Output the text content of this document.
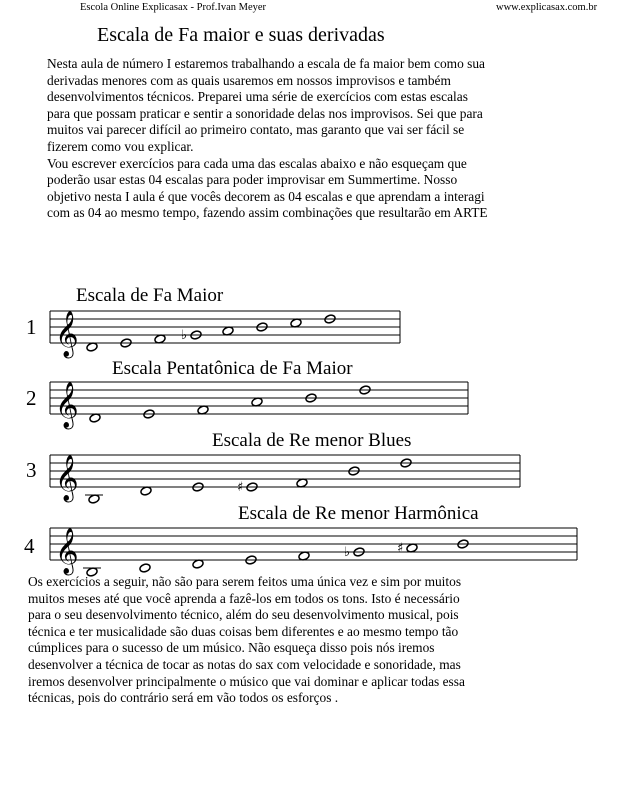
Escola Online Explicasax - Prof.Ivan Meyer	www.explicasax.com.br
Escala de Fa maior e suas derivadas
Nesta aula de número I estaremos trabalhando a escala de fa maior bem como sua
derivadas menores com as quais usaremos em nossos improvisos e também
desenvolvimentos técnicos. Preparei uma série de exercícios com estas escalas
para que possam praticar e sentir a sonoridade delas nos improvisos. Sei que para
muitos vai parecer difícil ao primeiro contato, mas garanto que vai ser fácil se
fizerem como vou explicar.
Vou escrever exercícios para cada uma das escalas abaixo e não esqueçam que
poderão usar estas 04 escalas para poder improvisar em Summertime. Nosso
objetivo nesta I aula é que vocês decorem as 04 escalas e que aprendam a interagi
com as 04 ao mesmo tempo, fazendo assim combinações que resultarão em ARTE
Escala de Fa Maior
1
Escala Pentatônica de Fa Maior
2
Escala de Re menor Blues
3
Escala de Re menor Harmônica
4
𝄞	♭
𝄞
𝄞	♯
𝄞	♭	♯
Os exercícios a seguir, não são para serem feitos uma única vez e sim por muitos
muitos meses até que você aprenda a fazê-los em todos os tons. Isto é necessário
para o seu desenvolvimento técnico, além do seu desenvolvimento musical, pois
técnica e ter musicalidade são duas coisas bem diferentes e ao mesmo tempo tão
cúmplices para o sucesso de um músico. Não esqueça disso pois nós iremos
desenvolver a técnica de tocar as notas do sax com velocidade e sonoridade, mas
iremos desenvolver principalmente o músico que vai dominar e aplicar todas essa
técnicas, pois do contrário será em vão todos os esforços .
